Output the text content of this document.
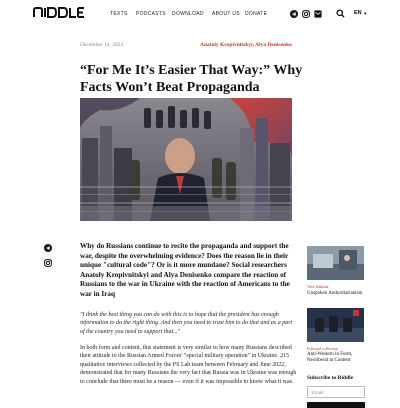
TEXTS PODCASTS DOWNLOAD ABOUT US DONATE	EN ▾
December 14, 2022	Anatoly Kropivnitskyi, Alya Denisenko
“For Me It’s Easier That Way:” Why Facts Won’t Beat Propaganda

Why do Russians continue to recite the propaganda and support the war, despite the overwhelming evidence? Does the reason lie in their unique "cultural code"? Or is it more mundane? Social researchers Anatoly Kropivnitskyi and Alya Denisenko compare the reaction of Russians to the war in Ukraine with the reaction of Americans to the war in Iraq

"I think the best thing you can do with this is to hope that the president has enough information to do the right thing. And then you need to trust him to do that and as a part of the country you need to support that..."

In both form and content, this statement is very similar to how many Russians described their attitude to the Russian Armed Forces' "special military operation" in Ukraine. 215 qualitative interviews collected by the PS Lab team between February and June 2022, demonstrated that for many Russians the very fact that Russia was in Ukraine was enough to conclude that there must be a reason — even if it was impossible to know what it was.

Vera Sukhina
Unspoken Authoritarianism
Editorial collection
Anti-Western in Form, Neoliberal in Content
Subscribe to Riddle
Email
